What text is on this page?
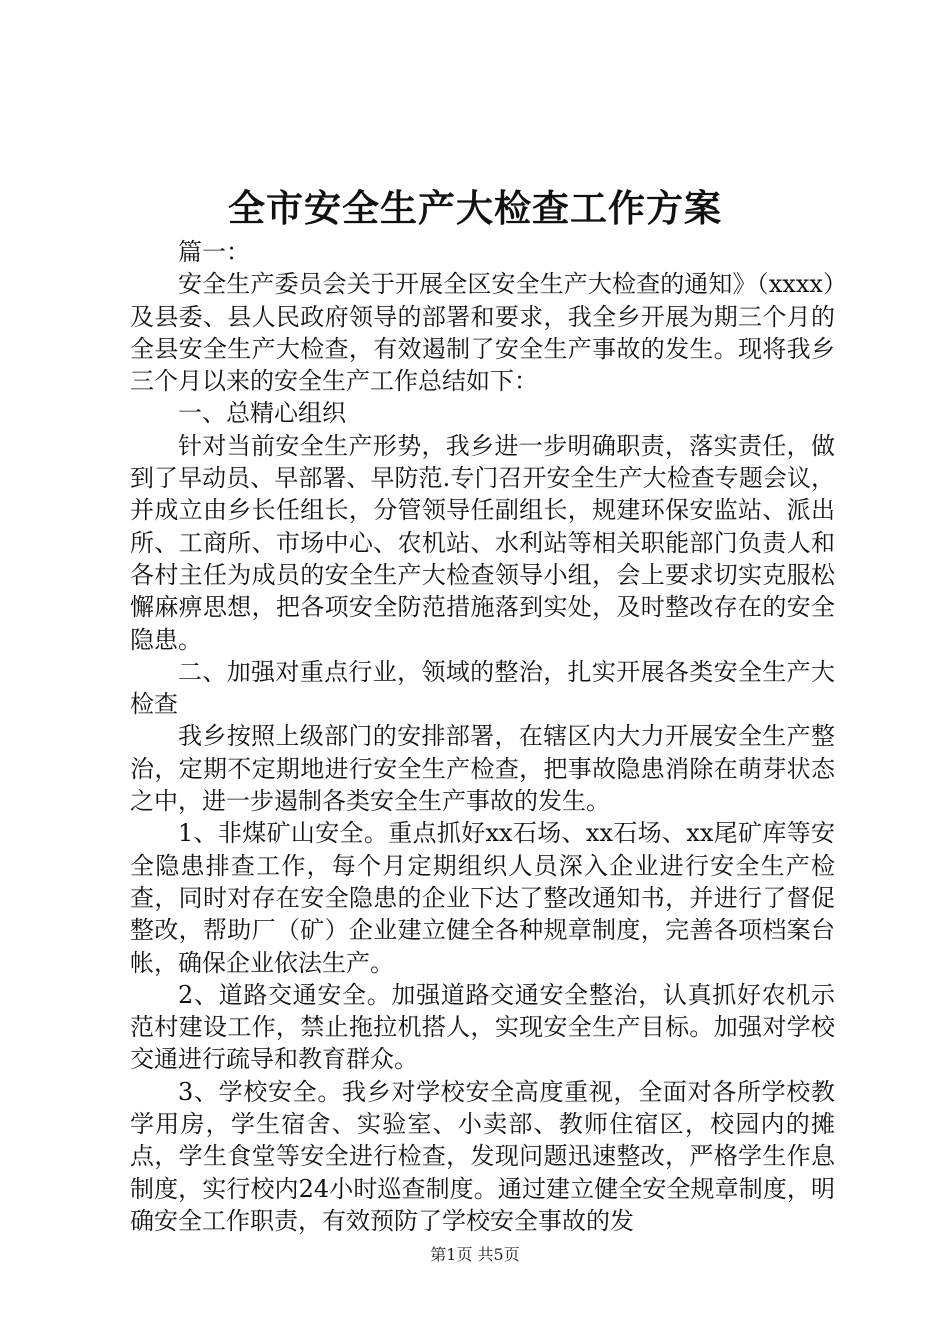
全市安全生产大检查工作方案

篇一：

安全生产委员会关于开展全区安全生产大检查的通知》（xxxx）及县委、县人民政府领导的部署和要求，我全乡开展为期三个月的全县安全生产大检查，有效遏制了安全生产事故的发生。现将我乡三个月以来的安全生产工作总结如下：

一、总精心组织

针对当前安全生产形势，我乡进一步明确职责，落实责任，做到了早动员、早部署、早防范.专门召开安全生产大检查专题会议，并成立由乡长任组长，分管领导任副组长，规建环保安监站、派出所、工商所、市场中心、农机站、水利站等相关职能部门负责人和各村主任为成员的安全生产大检查领导小组，会上要求切实克服松懈麻痹思想，把各项安全防范措施落到实处，及时整改存在的安全隐患。

二、加强对重点行业，领域的整治，扎实开展各类安全生产大检查

我乡按照上级部门的安排部署，在辖区内大力开展安全生产整治，定期不定期地进行安全生产检查，把事故隐患消除在萌芽状态之中，进一步遏制各类安全生产事故的发生。

1、非煤矿山安全。重点抓好xx石场、xx石场、xx尾矿库等安全隐患排查工作，每个月定期组织人员深入企业进行安全生产检查，同时对存在安全隐患的企业下达了整改通知书，并进行了督促整改，帮助厂（矿）企业建立健全各种规章制度，完善各项档案台帐，确保企业依法生产。

2、道路交通安全。加强道路交通安全整治，认真抓好农机示范村建设工作，禁止拖拉机搭人，实现安全生产目标。加强对学校交通进行疏导和教育群众。

3、学校安全。我乡对学校安全高度重视，全面对各所学校教学用房，学生宿舍、实验室、小卖部、教师住宿区，校园内的摊点，学生食堂等安全进行检查，发现问题迅速整改，严格学生作息制度，实行校内24小时巡查制度。通过建立健全安全规章制度，明确安全工作职责，有效预防了学校安全事故的发

第1页 共5页
